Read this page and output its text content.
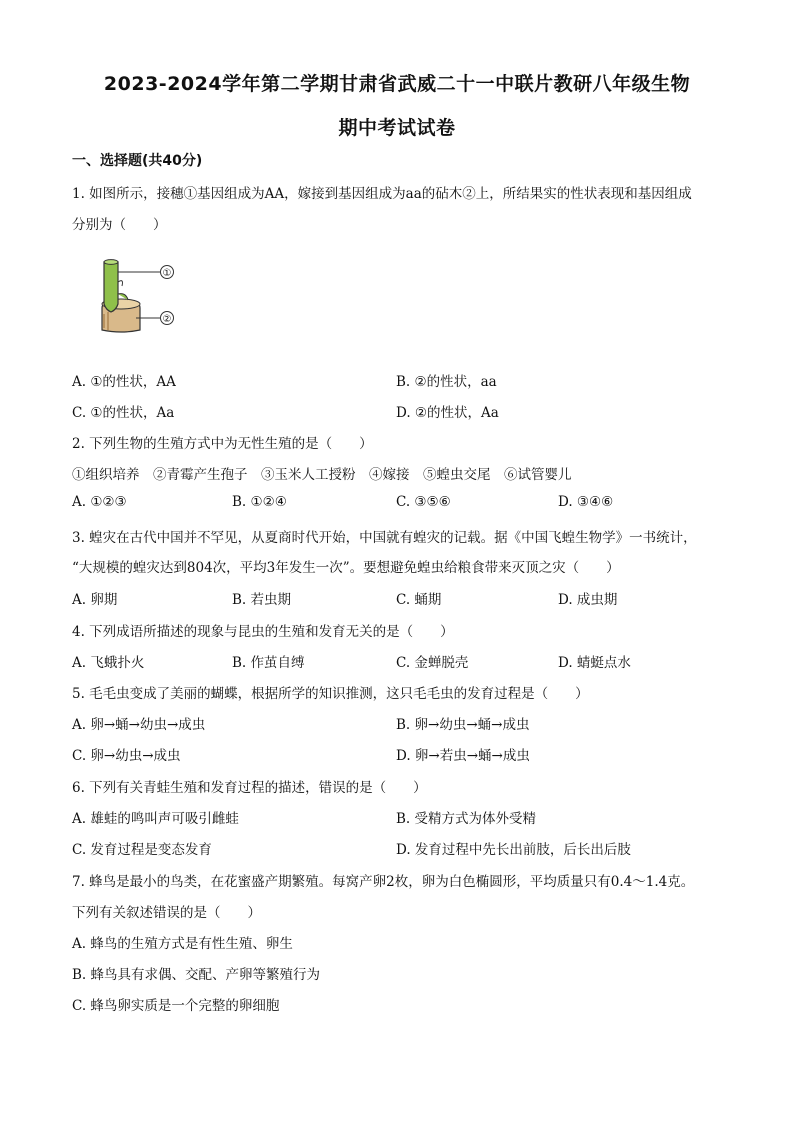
2023-2024学年第二学期甘肃省武威二十一中联片教研八年级生物
期中考试试卷
一、选择题(共40分)
1. 如图所示，接穗①基因组成为AA，嫁接到基因组成为aa的砧木②上，所结果实的性状表现和基因组成
分别为（　　）
①
②
A. ①的性状，AA	B. ②的性状，aa
C. ①的性状，Aa	D. ②的性状，Aa
2. 下列生物的生殖方式中为无性生殖的是（　　）
①组织培养　②青霉产生孢子　③玉米人工授粉　④嫁接　⑤蝗虫交尾　⑥试管婴儿
A. ①②③	B. ①②④	C. ③⑤⑥	D. ③④⑥
3. 蝗灾在古代中国并不罕见，从夏商时代开始，中国就有蝗灾的记载。据《中国飞蝗生物学》一书统计，
“大规模的蝗灾达到804次，平均3年发生一次”。要想避免蝗虫给粮食带来灭顶之灾（　　）
A. 卵期	B. 若虫期	C. 蛹期	D. 成虫期
4. 下列成语所描述的现象与昆虫的生殖和发育无关的是（　　）
A. 飞蛾扑火	B. 作茧自缚	C. 金蝉脱壳	D. 蜻蜓点水
5. 毛毛虫变成了美丽的蝴蝶，根据所学的知识推测，这只毛毛虫的发育过程是（　　）
A. 卵→蛹→幼虫→成虫	B. 卵→幼虫→蛹→成虫
C. 卵→幼虫→成虫	D. 卵→若虫→蛹→成虫
6. 下列有关青蛙生殖和发育过程的描述，错误的是（　　）
A. 雄蛙的鸣叫声可吸引雌蛙	B. 受精方式为体外受精
C. 发育过程是变态发育	D. 发育过程中先长出前肢，后长出后肢
7. 蜂鸟是最小的鸟类，在花蜜盛产期繁殖。每窝产卵2枚，卵为白色椭圆形，平均质量只有0.4～1.4克。
下列有关叙述错误的是（　　）
A. 蜂鸟的生殖方式是有性生殖、卵生
B. 蜂鸟具有求偶、交配、产卵等繁殖行为
C. 蜂鸟卵实质是一个完整的卵细胞
